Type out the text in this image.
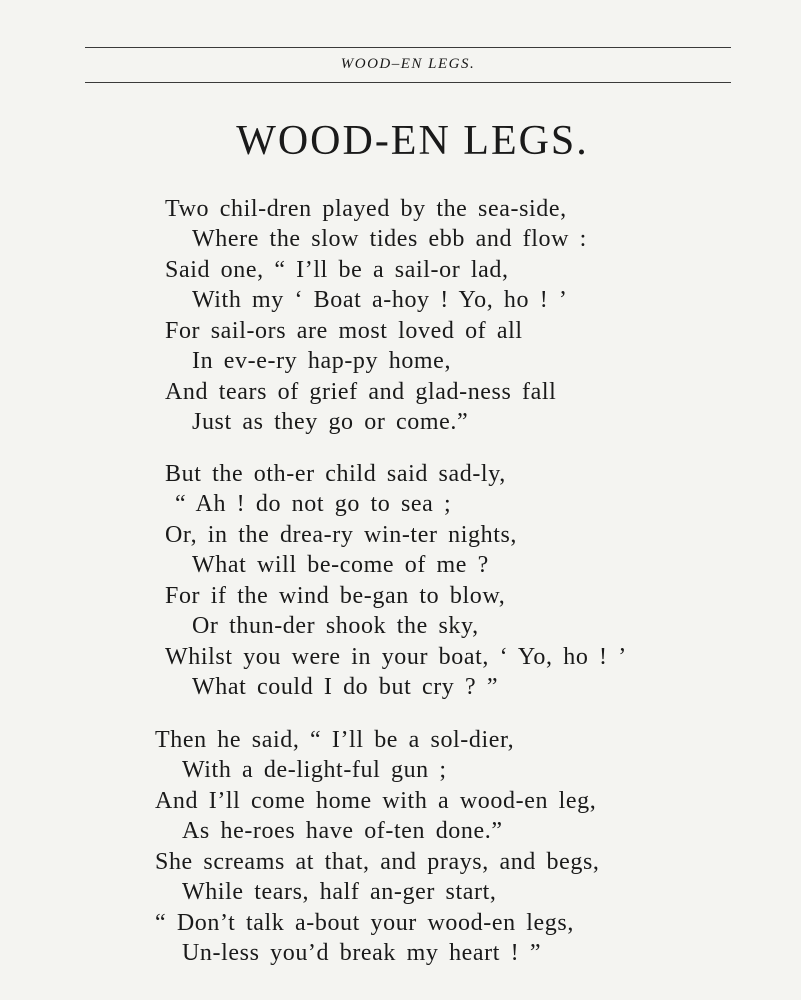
WOOD–EN LEGS.
WOOD-EN LEGS.
Two chil-dren played by the sea-side,
Where the slow tides ebb and flow :
Said one, “ I’ll be a sail-or lad,
With my ‘ Boat a-hoy ! Yo, ho ! ’
For sail-ors are most loved of all
In ev-e-ry hap-py home,
And tears of grief and glad-ness fall
Just as they go or come.”
But the oth-er child said sad-ly,
“ Ah ! do not go to sea ;
Or, in the drea-ry win-ter nights,
What will be-come of me ?
For if the wind be-gan to blow,
Or thun-der shook the sky,
Whilst you were in your boat, ‘ Yo, ho ! ’
What could I do but cry ? ”
Then he said, “ I’ll be a sol-dier,
With a de-light-ful gun ;
And I’ll come home with a wood-en leg,
As he-roes have of-ten done.”
She screams at that, and prays, and begs,
While tears, half an-ger start,
“ Don’t talk a-bout your wood-en legs,
Un-less you’d break my heart ! ”
